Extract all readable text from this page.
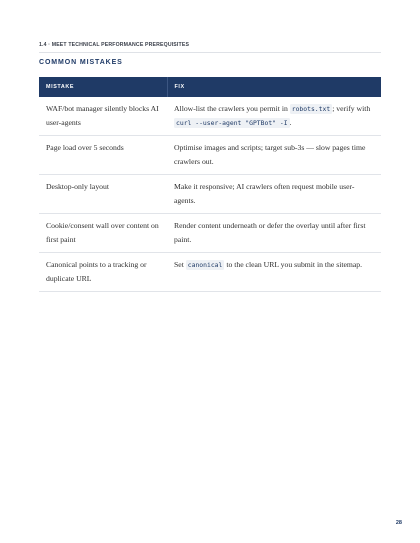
1.4 · MEET TECHNICAL PERFORMANCE PREREQUISITES
COMMON MISTAKES
MISTAKE	FIX
WAF/bot manager silently blocks AI user-agents	Allow-list the crawlers you permit in robots.txt ; verify with curl --user-agent "GPTBot" -I .
Page load over 5 seconds	Optimise images and scripts; target sub-3s — slow pages time crawlers out.
Desktop-only layout	Make it responsive; AI crawlers often request mobile user-agents.
Cookie/consent wall over content on first paint	Render content underneath or defer the overlay until after first paint.
Canonical points to a tracking or duplicate URL	Set canonical to the clean URL you submit in the sitemap.
28
